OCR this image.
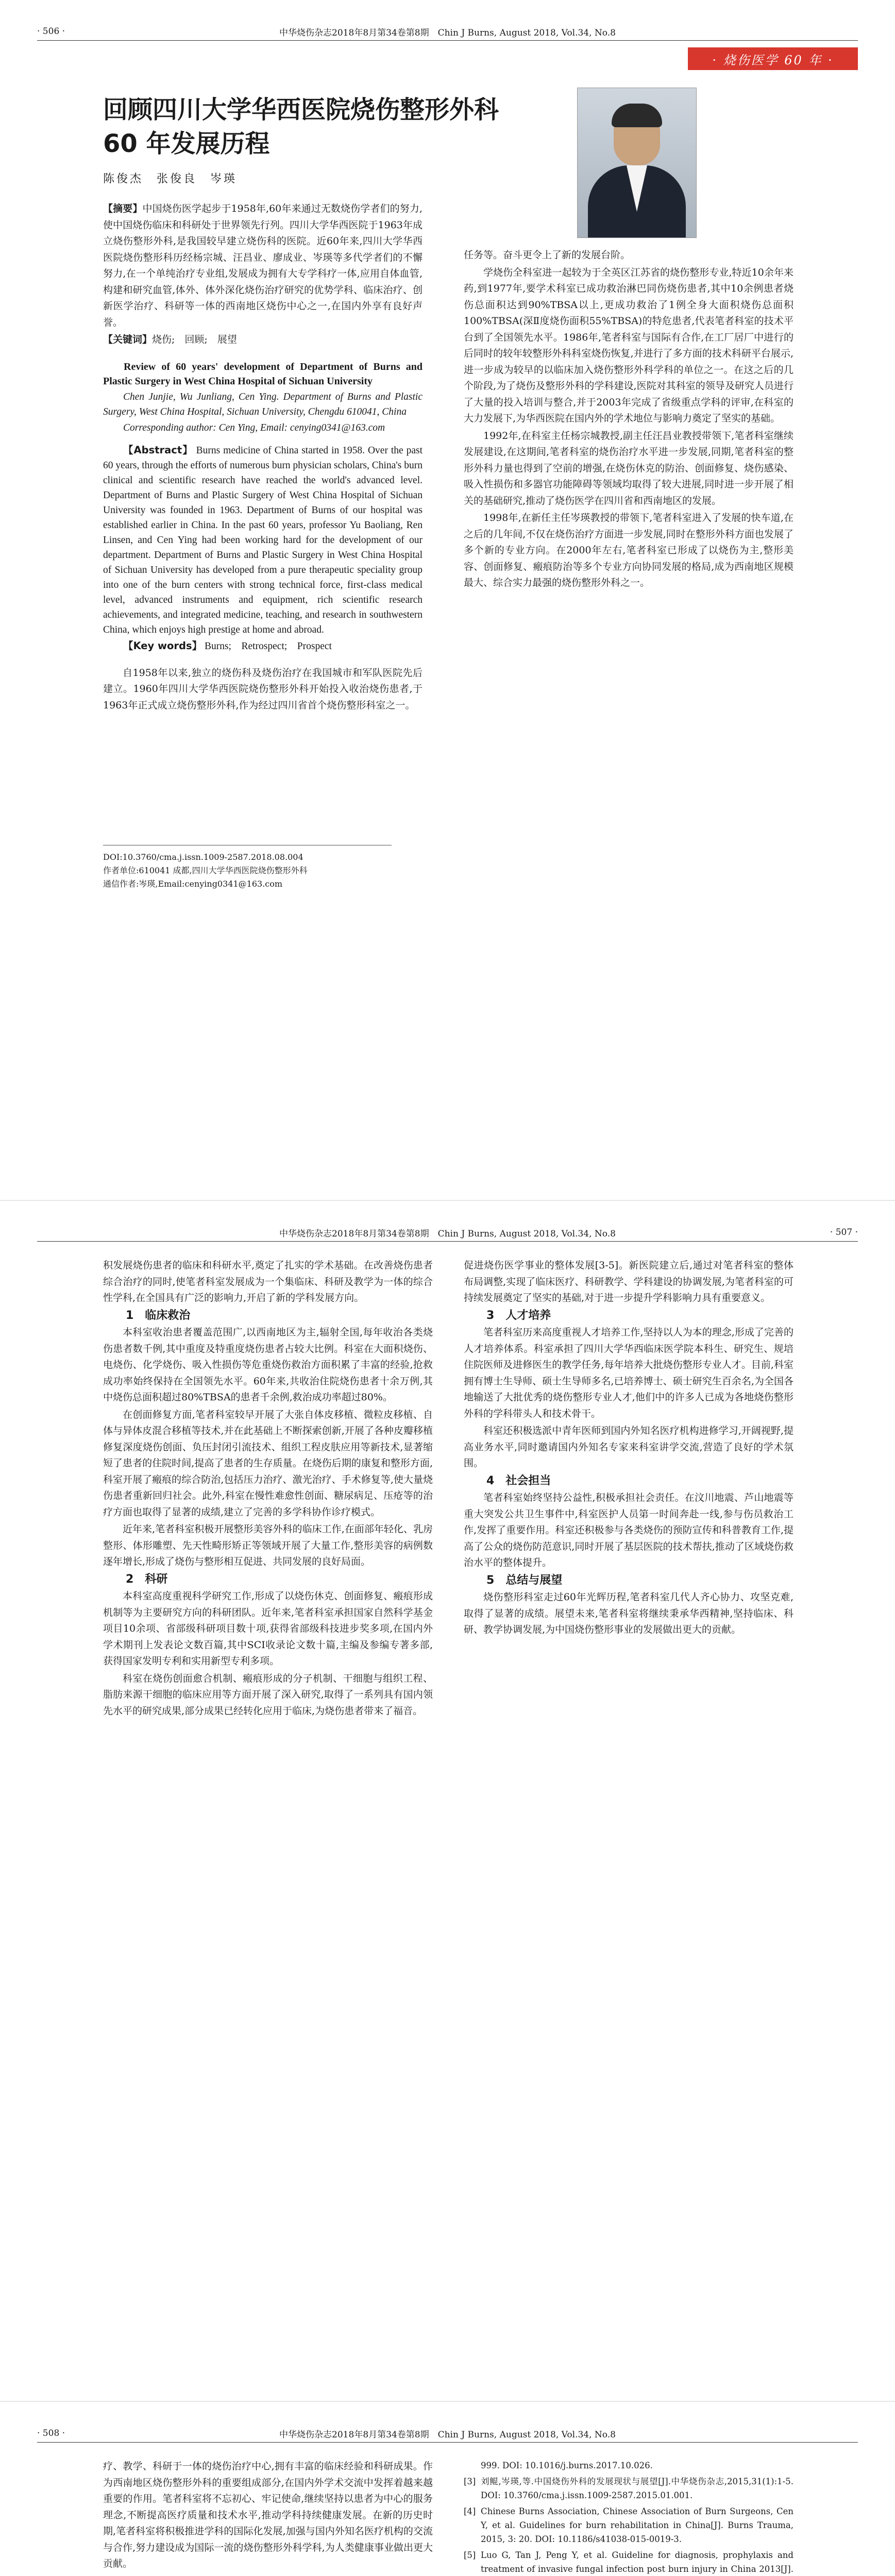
· 506 ·	中华烧伤杂志2018年8月第34卷第8期　Chin J Burns, August 2018, Vol.34, No.8
· 烧伤医学 60 年 ·
回顾四川大学华西医院烧伤整形外科
60 年发展历程
陈俊杰　张俊良　岑瑛

【摘要】中国烧伤医学起步于1958年,60年来通过无数烧伤学者们的努力,使中国烧伤临床和科研处于世界领先行列。四川大学华西医院于1963年成立烧伤整形外科,是我国较早建立烧伤科的医院。近60年来,四川大学华西医院烧伤整形科历经杨宗城、汪昌业、廖成业、岑瑛等多代学者们的不懈努力,在一个单纯治疗专业组,发展成为拥有大专学科疗一体,应用自体血管,构建和研究血管,体外、体外深化烧伤治疗研究的优势学科、临床治疗、创新医学治疗、科研等一体的西南地区烧伤中心之一,在国内外享有良好声誉。

【关键词】烧伤;　回顾;　展望

Review of 60 years' development of Department of Burns and Plastic Surgery in West China Hospital of Sichuan University

Chen Junjie, Wu Junliang, Cen Ying. Department of Burns and Plastic Surgery, West China Hospital, Sichuan University, Chengdu 610041, China

Corresponding author: Cen Ying, Email: cenying0341@163.com

【Abstract】 Burns medicine of China started in 1958. Over the past 60 years, through the efforts of numerous burn physician scholars, China's burn clinical and scientific research have reached the world's advanced level. Department of Burns and Plastic Surgery of West China Hospital of Sichuan University was founded in 1963. Department of Burns of our hospital was established earlier in China. In the past 60 years, professor Yu Baoliang, Ren Linsen, and Cen Ying had been working hard for the development of our department. Department of Burns and Plastic Surgery in West China Hospital of Sichuan University has developed from a pure therapeutic speciality group into one of the burn centers with strong technical force, first-class medical level, advanced instruments and equipment, rich scientific research achievements, and integrated medicine, teaching, and research in southwestern China, which enjoys high prestige at home and abroad.

【Key words】 Burns;　Retrospect;　Prospect

自1958年以来,独立的烧伤科及烧伤治疗在我国城市和军队医院先后建立。1960年四川大学华西医院烧伤整形外科开始投入收治烧伤患者,于1963年正式成立烧伤整形外科,作为经过四川省首个烧伤整形科室之一。

DOI:10.3760/cma.j.issn.1009-2587.2018.08.004
作者单位:610041 成都,四川大学华西医院烧伤整形外科
通信作者:岑瑛,Email:cenying0341@163.com

任务等。奋斗更令上了新的发展台阶。

学烧伤全科室进一起较为于全英区江苏省的烧伤整形专业,特近10余年来药,到1977年,要学术科室已成功救治淋巴同伤烧伤患者,其中10余例患者烧伤总面积达到90%TBSA以上,更成功救治了1例全身大面积烧伤总面积100%TBSA(深Ⅱ度烧伤面积55%TBSA)的特危患者,代表笔者科室的技术平台到了全国领先水平。1986年,笔者科室与国际有合作,在工厂居厂中进行的后同时的较年较整形外科科室烧伤恢复,并进行了多方面的技术科研平台展示,进一步成为较早的以临床加入烧伤整形外科学科的单位之一。在这之后的几个阶段,为了烧伤及整形外科的学科建设,医院对其科室的领导及研究人员进行了大量的投入培训与整合,并于2003年完成了省级重点学科的评审,在科室的大力发展下,为华西医院在国内外的学术地位与影响力奠定了坚实的基础。

1992年,在科室主任杨宗城教授,副主任汪昌业教授带领下,笔者科室继续发展建设,在这期间,笔者科室的烧伤治疗水平进一步发展,同期,笔者科室的整形外科力量也得到了空前的增强,在烧伤休克的防治、创面修复、烧伤感染、吸入性损伤和多器官功能障碍等领域均取得了较大进展,同时进一步开展了相关的基础研究,推动了烧伤医学在四川省和西南地区的发展。

1998年,在新任主任岑瑛教授的带领下,笔者科室进入了发展的快车道,在之后的几年间,不仅在烧伤治疗方面进一步发展,同时在整形外科方面也发展了多个新的专业方向。在2000年左右,笔者科室已形成了以烧伤为主,整形美容、创面修复、瘢痕防治等多个专业方向协同发展的格局,成为西南地区规模最大、综合实力最强的烧伤整形外科之一。

中华烧伤杂志2018年8月第34卷第8期　Chin J Burns, August 2018, Vol.34, No.8	· 507 ·

积发展烧伤患者的临床和科研水平,奠定了扎实的学术基础。在改善烧伤患者综合治疗的同时,使笔者科室发展成为一个集临床、科研及教学为一体的综合性学科,在全国具有广泛的影响力,开启了新的学科发展方向。

1　临床救治

本科室收治患者覆盖范围广,以西南地区为主,辐射全国,每年收治各类烧伤患者数千例,其中重度及特重度烧伤患者占较大比例。科室在大面积烧伤、电烧伤、化学烧伤、吸入性损伤等危重烧伤救治方面积累了丰富的经验,抢救成功率始终保持在全国领先水平。60年来,共收治住院烧伤患者十余万例,其中烧伤总面积超过80%TBSA的患者千余例,救治成功率超过80%。

在创面修复方面,笔者科室较早开展了大张自体皮移植、微粒皮移植、自体与异体皮混合移植等技术,并在此基础上不断探索创新,开展了各种皮瓣移植修复深度烧伤创面、负压封闭引流技术、组织工程皮肤应用等新技术,显著缩短了患者的住院时间,提高了患者的生存质量。在烧伤后期的康复和整形方面,科室开展了瘢痕的综合防治,包括压力治疗、激光治疗、手术修复等,使大量烧伤患者重新回归社会。此外,科室在慢性难愈性创面、糖尿病足、压疮等的治疗方面也取得了显著的成绩,建立了完善的多学科协作诊疗模式。

近年来,笔者科室积极开展整形美容外科的临床工作,在面部年轻化、乳房整形、体形雕塑、先天性畸形矫正等领域开展了大量工作,整形美容的病例数逐年增长,形成了烧伤与整形相互促进、共同发展的良好局面。

2　科研

本科室高度重视科学研究工作,形成了以烧伤休克、创面修复、瘢痕形成机制等为主要研究方向的科研团队。近年来,笔者科室承担国家自然科学基金项目10余项、省部级科研项目数十项,获得省部级科技进步奖多项,在国内外学术期刊上发表论文数百篇,其中SCI收录论文数十篇,主编及参编专著多部,获得国家发明专利和实用新型专利多项。

科室在烧伤创面愈合机制、瘢痕形成的分子机制、干细胞与组织工程、脂肪来源干细胞的临床应用等方面开展了深入研究,取得了一系列具有国内领先水平的研究成果,部分成果已经转化应用于临床,为烧伤患者带来了福音。

促进烧伤医学事业的整体发展[3-5]。新医院建立后,通过对笔者科室的整体布局调整,实现了临床医疗、科研教学、学科建设的协调发展,为笔者科室的可持续发展奠定了坚实的基础,对于进一步提升学科影响力具有重要意义。

3　人才培养

笔者科室历来高度重视人才培养工作,坚持以人为本的理念,形成了完善的人才培养体系。科室承担了四川大学华西临床医学院本科生、研究生、规培住院医师及进修医生的教学任务,每年培养大批烧伤整形专业人才。目前,科室拥有博士生导师、硕士生导师多名,已培养博士、硕士研究生百余名,为全国各地输送了大批优秀的烧伤整形专业人才,他们中的许多人已成为各地烧伤整形外科的学科带头人和技术骨干。

科室还积极选派中青年医师到国内外知名医疗机构进修学习,开阔视野,提高业务水平,同时邀请国内外知名专家来科室讲学交流,营造了良好的学术氛围。

4　社会担当

笔者科室始终坚持公益性,积极承担社会责任。在汶川地震、芦山地震等重大突发公共卫生事件中,科室医护人员第一时间奔赴一线,参与伤员救治工作,发挥了重要作用。科室还积极参与各类烧伤的预防宣传和科普教育工作,提高了公众的烧伤防范意识,同时开展了基层医院的技术帮扶,推动了区域烧伤救治水平的整体提升。

5　总结与展望

烧伤整形科室走过60年光辉历程,笔者科室几代人齐心协力、攻坚克难,取得了显著的成绩。展望未来,笔者科室将继续秉承华西精神,坚持临床、科研、教学协调发展,为中国烧伤整形事业的发展做出更大的贡献。

· 508 ·	中华烧伤杂志2018年8月第34卷第8期　Chin J Burns, August 2018, Vol.34, No.8

疗、教学、科研于一体的烧伤治疗中心,拥有丰富的临床经验和科研成果。作为西南地区烧伤整形外科的重要组成部分,在国内外学术交流中发挥着越来越重要的作用。笔者科室将不忘初心、牢记使命,继续坚持以患者为中心的服务理念,不断提高医疗质量和技术水平,推动学科持续健康发展。在新的历史时期,笔者科室将积极推进学科的国际化发展,加强与国内外知名医疗机构的交流与合作,努力建设成为国际一流的烧伤整形外科学科,为人类健康事业做出更大贡献。

999. DOI: 10.1016/j.burns.2017.10.026.

[3] 刘鲲,岑瑛,等.中国烧伤外科的发展现状与展望[J].中华烧伤杂志,2015,31(1):1-5. DOI: 10.3760/cma.j.issn.1009-2587.2015.01.001.

[4] Chinese Burns Association, Chinese Association of Burn Surgeons, Cen Y, et al. Guidelines for burn rehabilitation in China[J]. Burns Trauma, 2015, 3: 20. DOI: 10.1186/s41038-015-0019-3.

[5] Luo G, Tan J, Peng Y, et al. Guideline for diagnosis, prophylaxis and treatment of invasive fungal infection post burn injury in China 2013[J].
